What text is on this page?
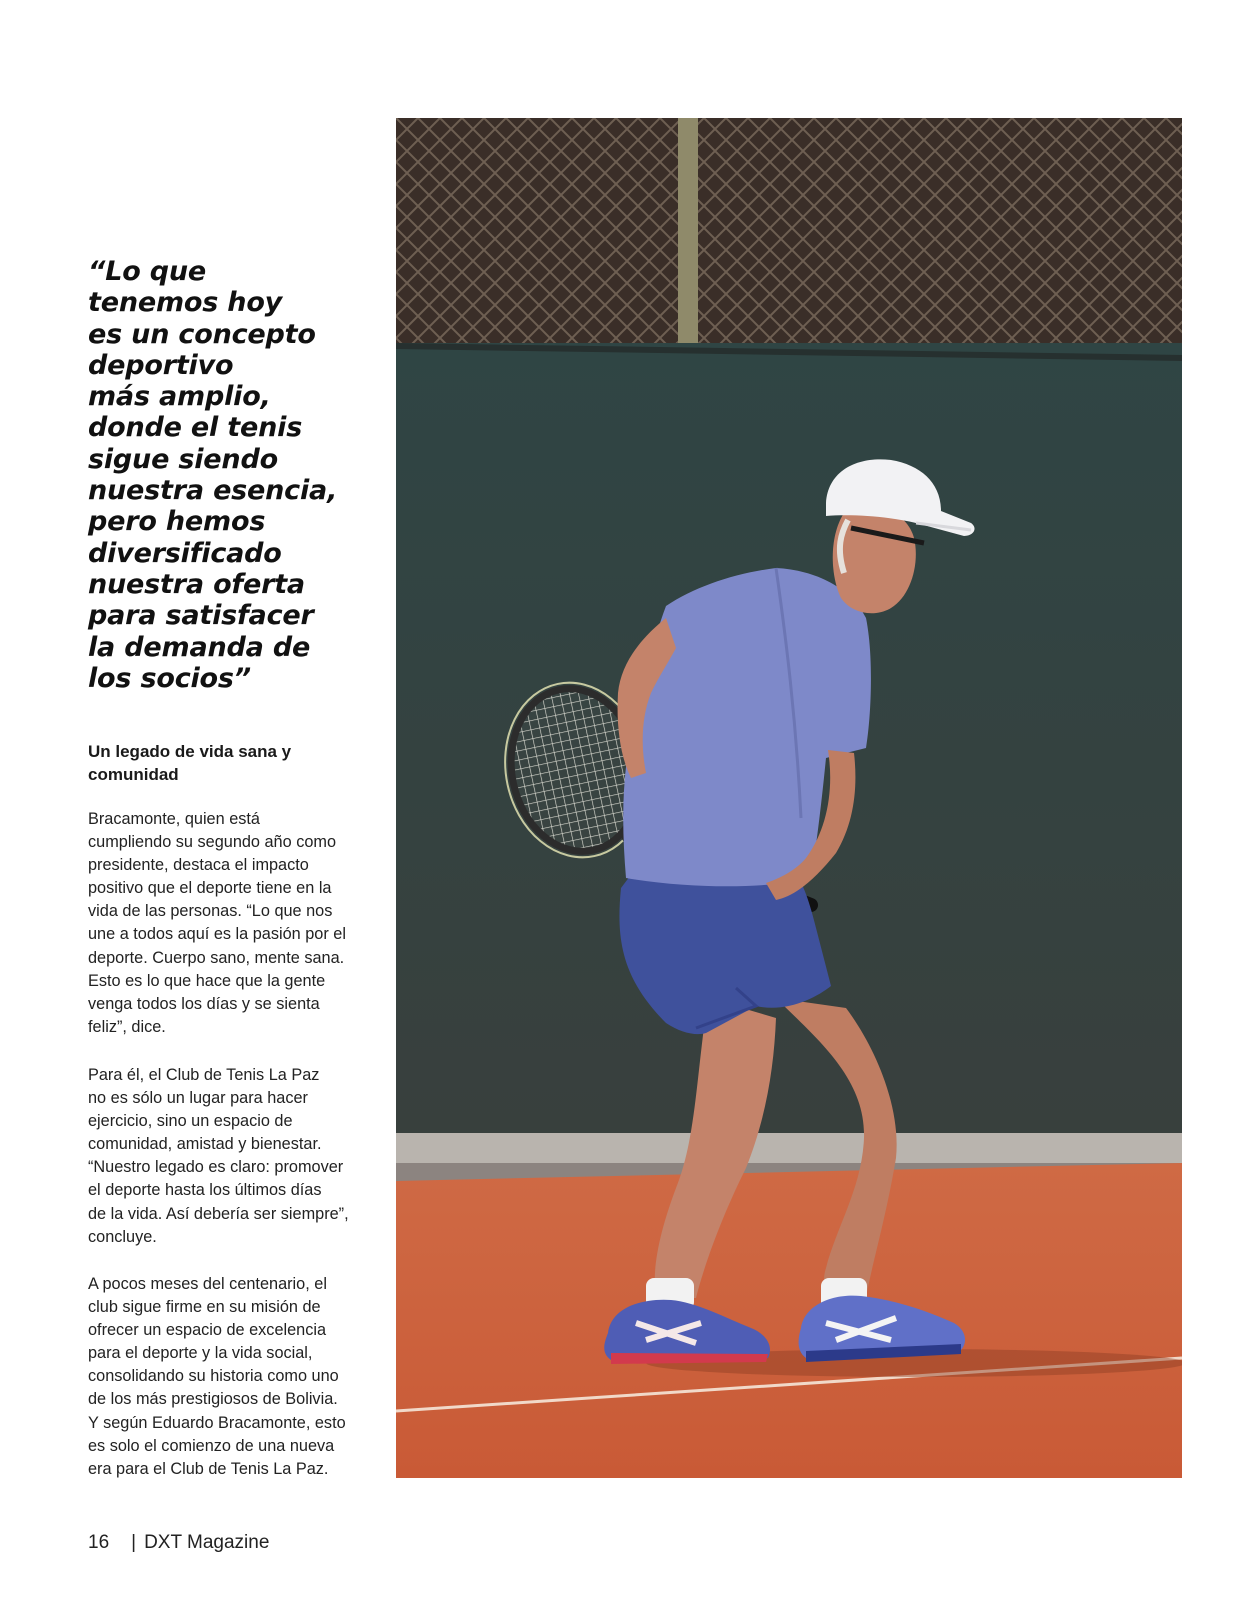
“Lo que
tenemos hoy
es un concepto
deportivo
más amplio,
donde el tenis
sigue siendo
nuestra esencia,
pero hemos
diversificado
nuestra oferta
para satisfacer
la demanda de
los socios”
Un legado de vida sana y
comunidad

Bracamonte, quien está
cumpliendo su segundo año como
presidente, destaca el impacto
positivo que el deporte tiene en la
vida de las personas. “Lo que nos
une a todos aquí es la pasión por el
deporte. Cuerpo sano, mente sana.
Esto es lo que hace que la gente
venga todos los días y se sienta
feliz”, dice.

Para él, el Club de Tenis La Paz
no es sólo un lugar para hacer
ejercicio, sino un espacio de
comunidad, amistad y bienestar.
“Nuestro legado es claro: promover
el deporte hasta los últimos días
de la vida. Así debería ser siempre”,
concluye.

A pocos meses del centenario, el
club sigue firme en su misión de
ofrecer un espacio de excelencia
para el deporte y la vida social,
consolidando su historia como uno
de los más prestigiosos de Bolivia.
Y según Eduardo Bracamonte, esto
es solo el comienzo de una nueva
era para el Club de Tenis La Paz.

16 | DXT Magazine
